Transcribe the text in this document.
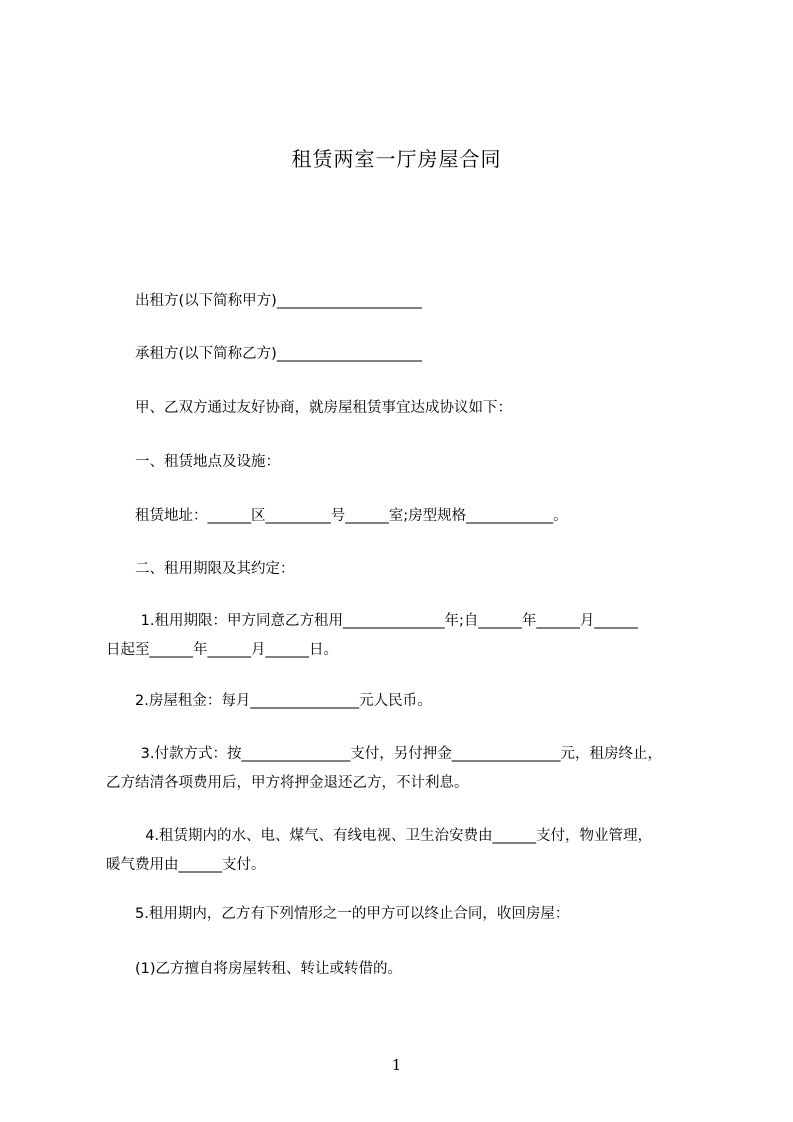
租赁两室一厅房屋合同
出租方(以下简称甲方)____________________
承租方(以下简称乙方)____________________
甲、乙双方通过友好协商，就房屋租赁事宜达成协议如下：
一、租赁地点及设施：
租赁地址：______区_________号______室;房型规格____________。
二、租用期限及其约定：
1.租用期限：甲方同意乙方租用______________年;自______年______月______
日起至______年______月______日。
2.房屋租金：每月_______________元人民币。
3.付款方式：按_______________支付，另付押金_______________元，租房终止，
乙方结清各项费用后，甲方将押金退还乙方，不计利息。
4.租赁期内的水、电、煤气、有线电视、卫生治安费由______支付，物业管理，
暖气费用由______支付。
5.租用期内，乙方有下列情形之一的甲方可以终止合同，收回房屋：
(1)乙方擅自将房屋转租、转让或转借的。
1
